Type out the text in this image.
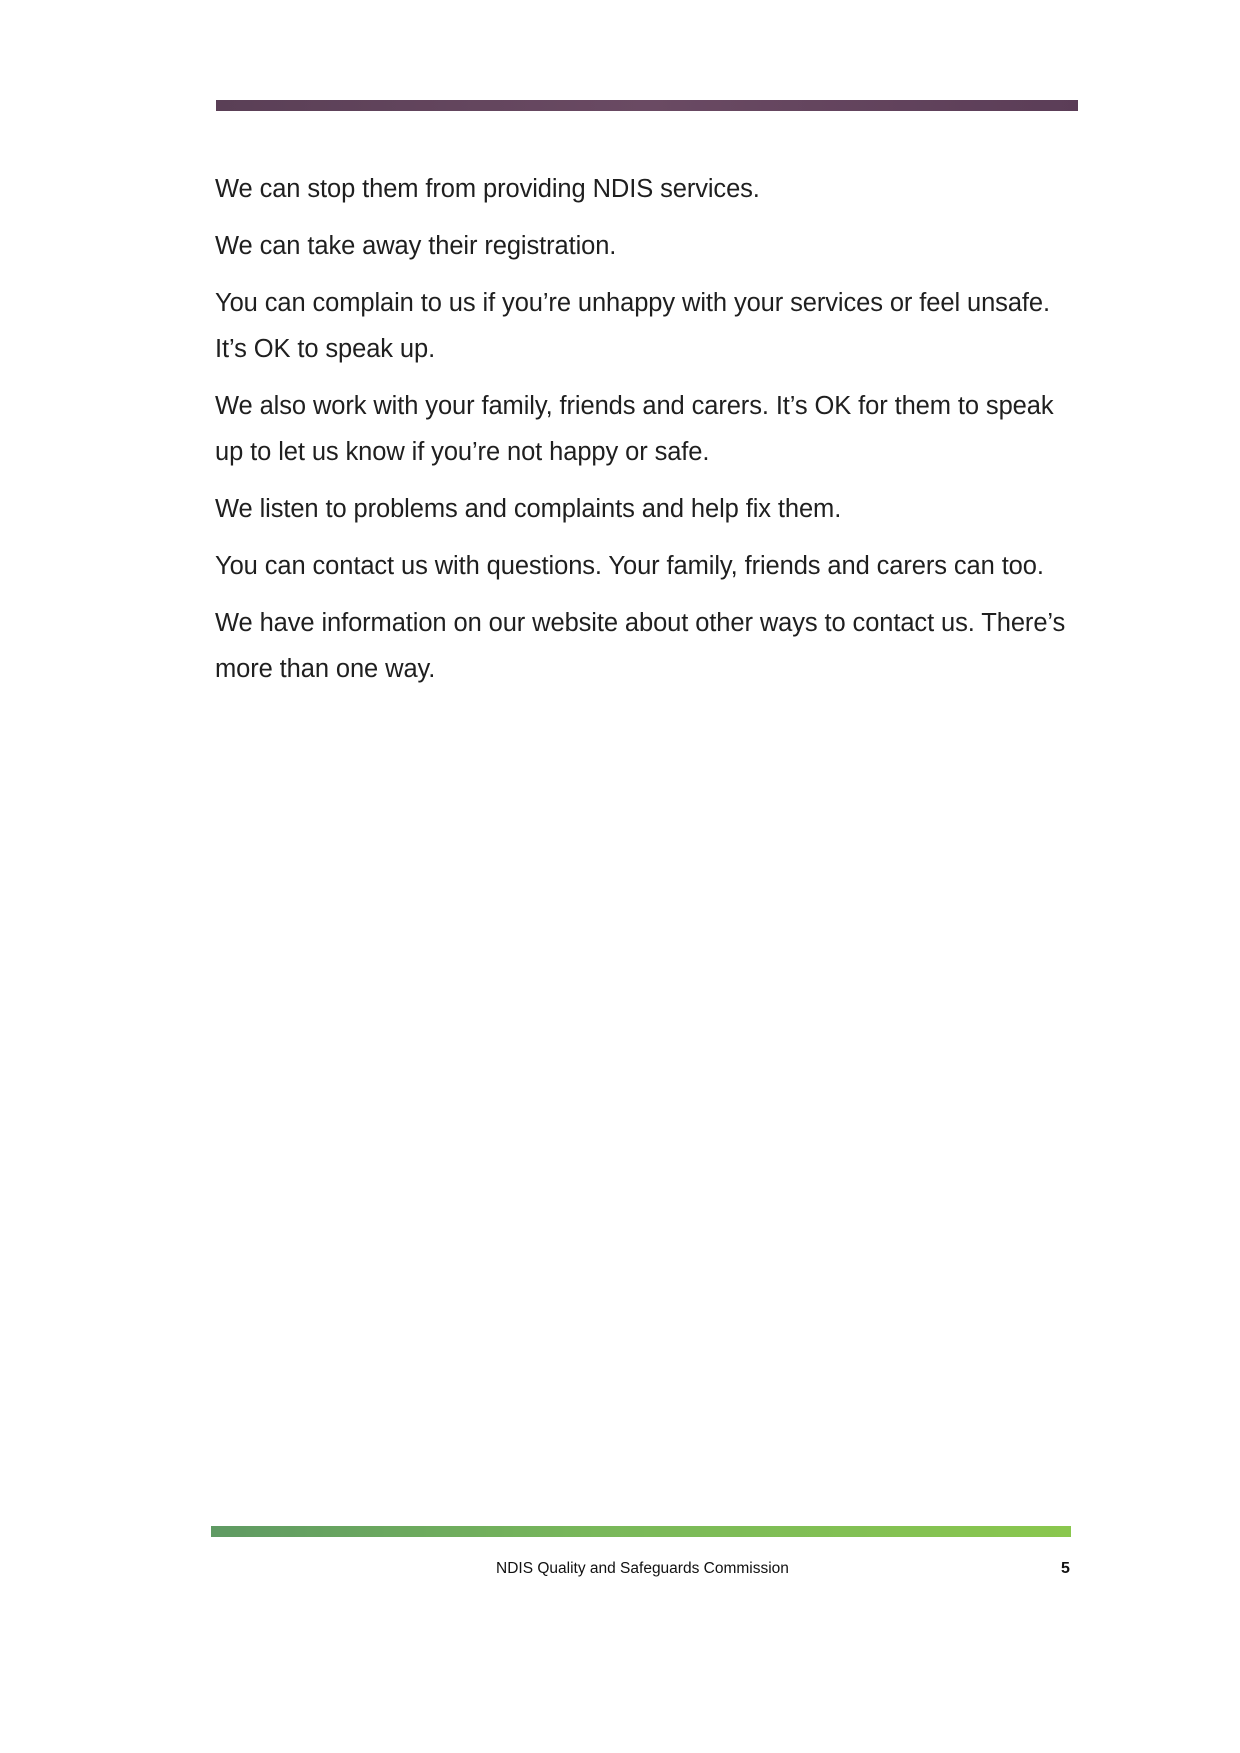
We can stop them from providing NDIS services.

We can take away their registration.

You can complain to us if you’re unhappy with your services or feel unsafe. It’s OK to speak up.

We also work with your family, friends and carers. It’s OK for them to speak up to let us know if you’re not happy or safe.

We listen to problems and complaints and help fix them.

You can contact us with questions. Your family, friends and carers can too.

We have information on our website about other ways to contact us. There’s more than one way.

NDIS Quality and Safeguards Commission	5
